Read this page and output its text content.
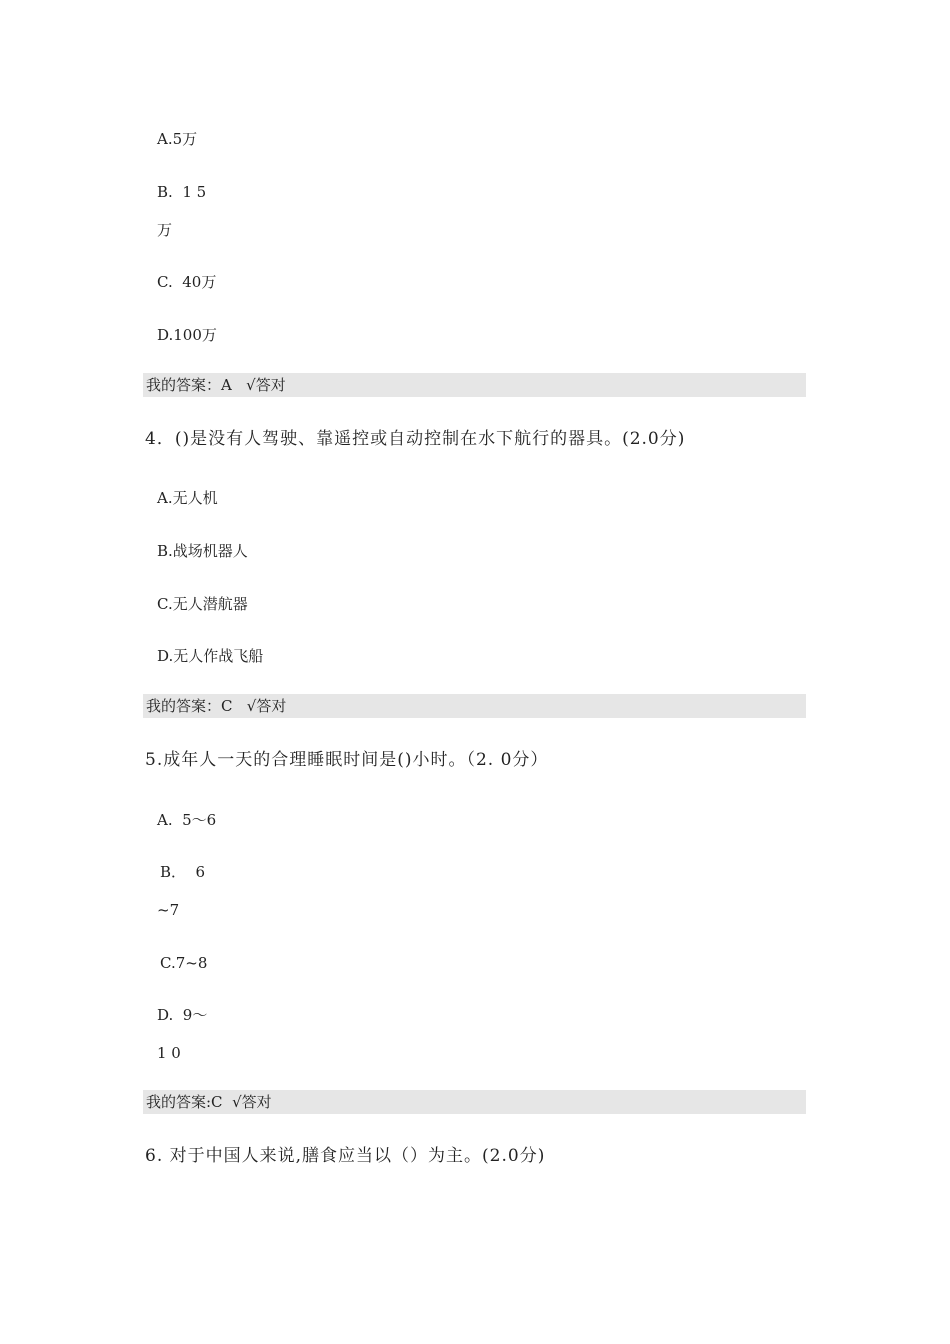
A.5万
B.  1 5
万
C.  40万
D.100万
我的答案：A   √答对
4．()是没有人驾驶、靠遥控或自动控制在水下航行的器具。(2.0分)
A.无人机
B.战场机器人
C.无人潜航器
D.无人作战飞船
我的答案：C   √答对
5.成年人一天的合理睡眠时间是()小时。（2. 0分）
A.  5～6
B．  6
~7
C.7~8
D.  9～
1 0
我的答案:C  √答对
6. 对于中国人来说,膳食应当以（）为主。(2.0分)
